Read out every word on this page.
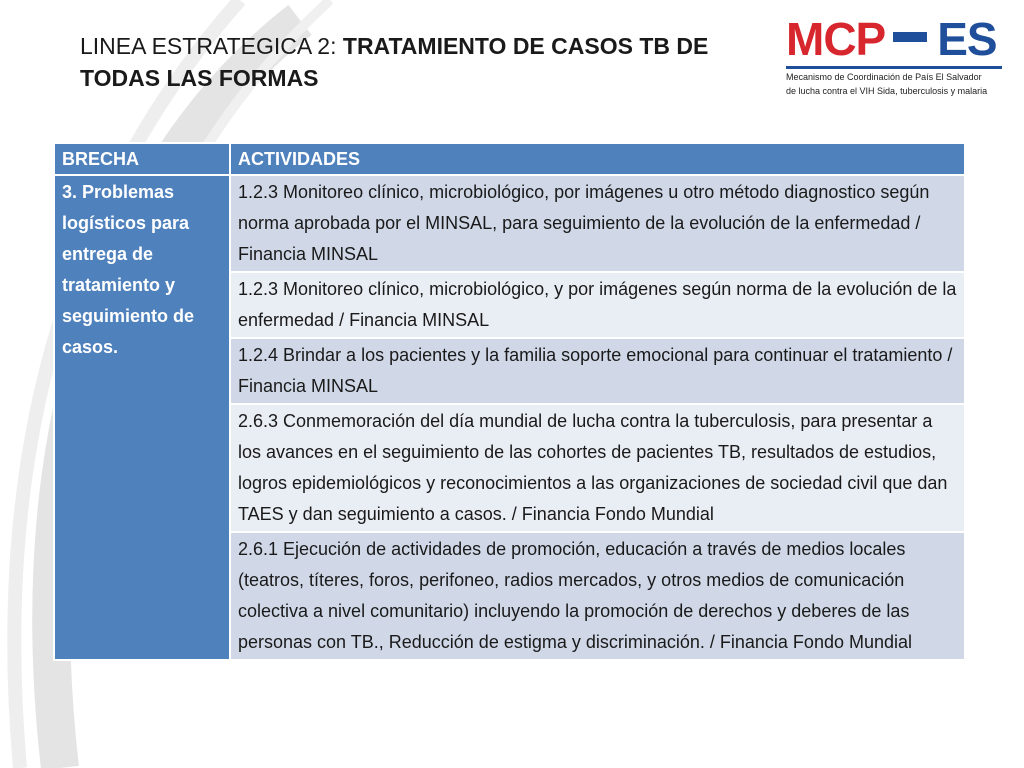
LINEA ESTRATEGICA 2: TRATAMIENTO DE CASOS TB DE TODAS LAS FORMAS
MCP ES
Mecanismo de Coordinación de País El Salvador
de lucha contra el VIH Sida, tuberculosis y malaria
BRECHA	ACTIVIDADES
3. Problemas logísticos para entrega de tratamiento y seguimiento de casos.	1.2.3 Monitoreo clínico, microbiológico, por imágenes u otro método diagnostico según norma aprobada por el MINSAL, para seguimiento de la evolución de la enfermedad / Financia MINSAL
	1.2.3 Monitoreo clínico, microbiológico, y por imágenes según norma de la evolución de la enfermedad / Financia MINSAL
	1.2.4 Brindar a los pacientes y la familia soporte emocional para continuar el tratamiento / Financia MINSAL
	2.6.3 Conmemoración del día mundial de lucha contra la tuberculosis, para presentar a los avances en el seguimiento de las cohortes de pacientes TB, resultados de estudios, logros epidemiológicos y reconocimientos a las organizaciones de sociedad civil que dan TAES y dan seguimiento a casos. / Financia Fondo Mundial
	2.6.1 Ejecución de actividades de promoción, educación a través de medios locales (teatros, títeres, foros, perifoneo, radios mercados, y otros medios de comunicación colectiva a nivel comunitario) incluyendo la promoción de derechos y deberes de las personas con TB., Reducción de estigma y discriminación. / Financia Fondo Mundial
